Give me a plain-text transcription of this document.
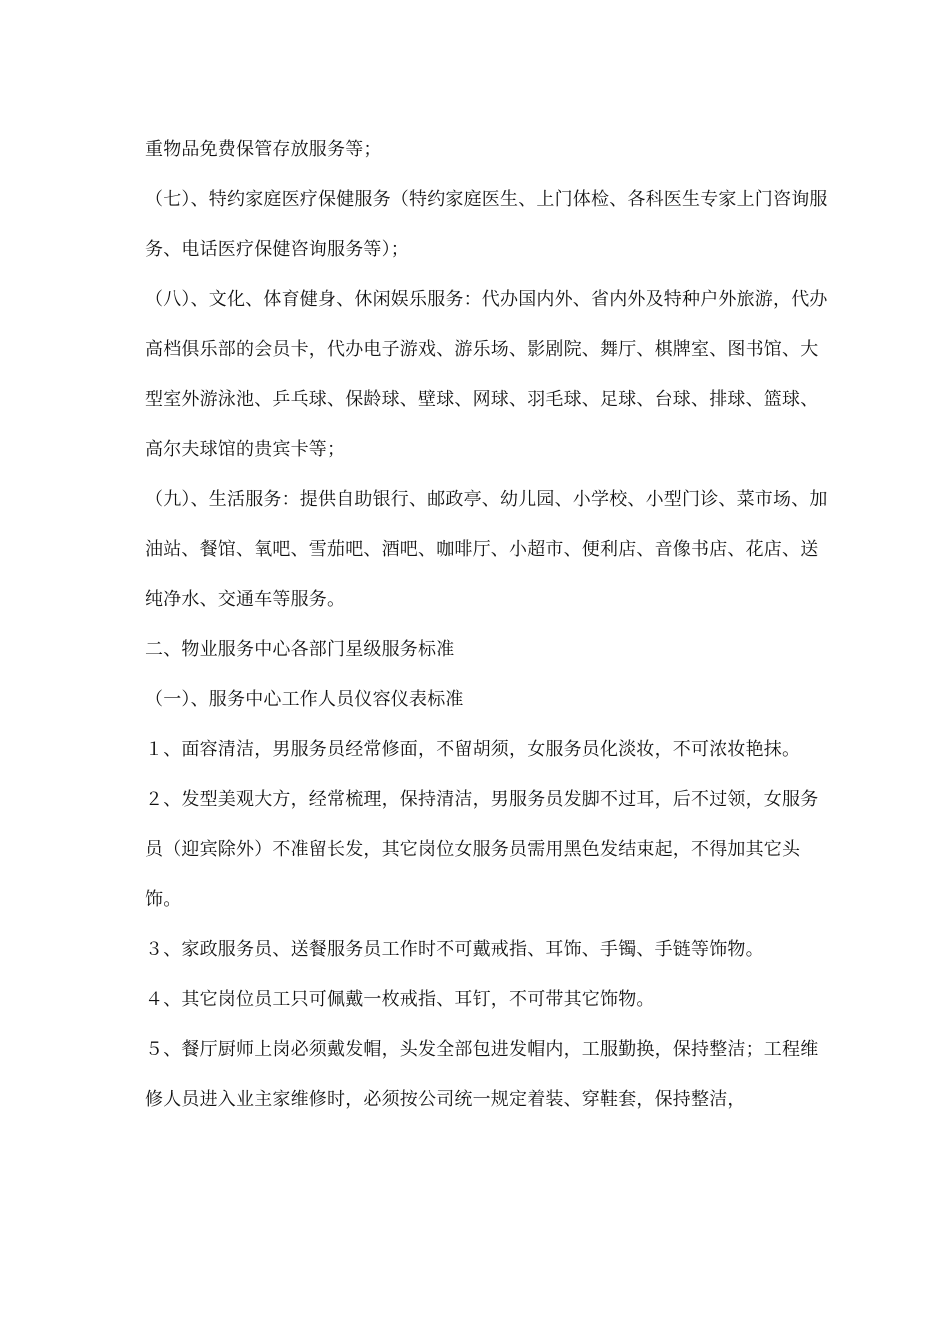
重物品免费保管存放服务等；

（七）、特约家庭医疗保健服务（特约家庭医生、上门体检、各科医生专家上门咨询服务、电话医疗保健咨询服务等）；

（八）、文化、体育健身、休闲娱乐服务：代办国内外、省内外及特种户外旅游，代办高档俱乐部的会员卡，代办电子游戏、游乐场、影剧院、舞厅、棋牌室、图书馆、大型室外游泳池、乒乓球、保龄球、壁球、网球、羽毛球、足球、台球、排球、篮球、高尔夫球馆的贵宾卡等；

（九）、生活服务：提供自助银行、邮政亭、幼儿园、小学校、小型门诊、菜市场、加油站、餐馆、氧吧、雪茄吧、酒吧、咖啡厅、小超市、便利店、音像书店、花店、送纯净水、交通车等服务。

二、物业服务中心各部门星级服务标准

（一）、服务中心工作人员仪容仪表标准

１、面容清洁，男服务员经常修面，不留胡须，女服务员化淡妆，不可浓妆艳抹。

２、发型美观大方，经常梳理，保持清洁，男服务员发脚不过耳，后不过领，女服务员（迎宾除外）不准留长发，其它岗位女服务员需用黑色发结束起，不得加其它头饰。

３、家政服务员、送餐服务员工作时不可戴戒指、耳饰、手镯、手链等饰物。

４、其它岗位员工只可佩戴一枚戒指、耳钉，不可带其它饰物。

５、餐厅厨师上岗必须戴发帽，头发全部包进发帽内，工服勤换，保持整洁；工程维修人员进入业主家维修时，必须按公司统一规定着装、穿鞋套，保持整洁，
